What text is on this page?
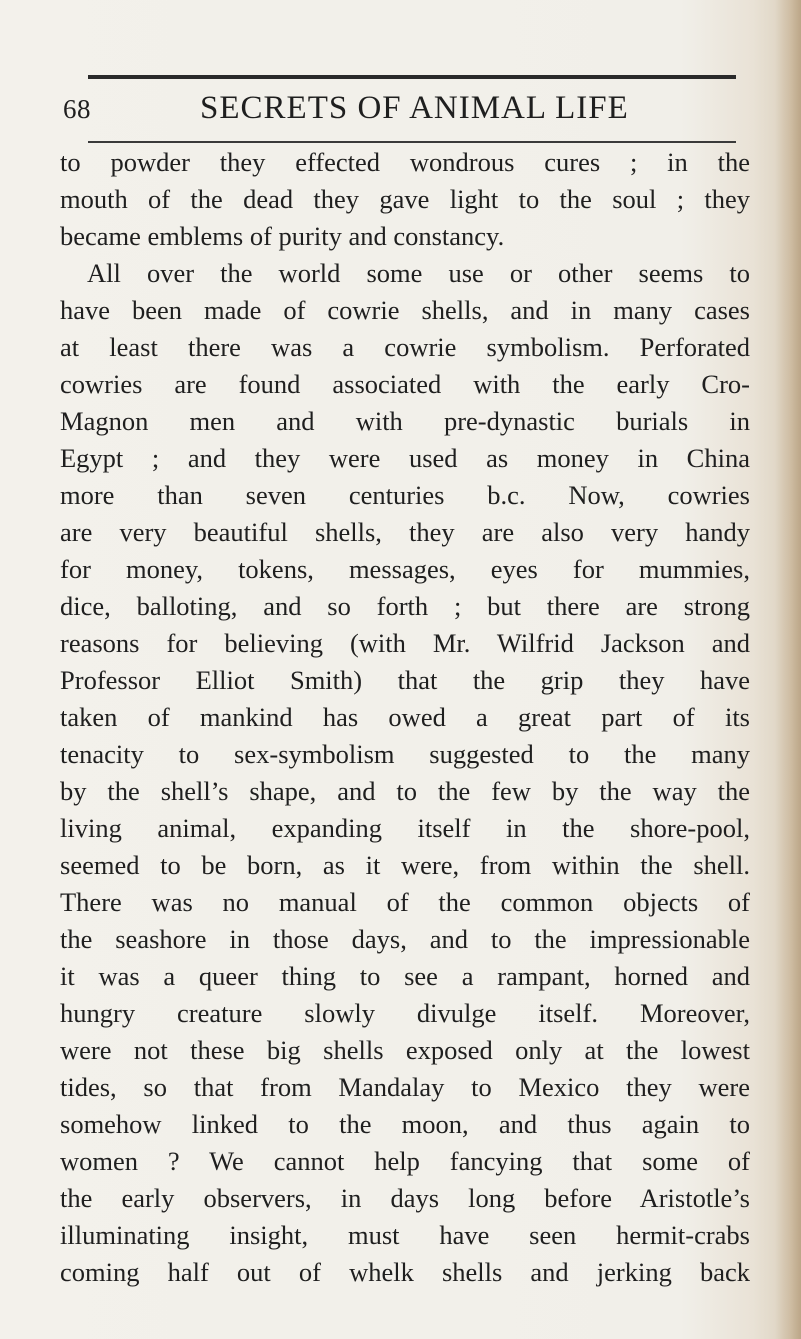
68	SECRETS OF ANIMAL LIFE
to powder they effected wondrous cures ; in the
mouth of the dead they gave light to the soul ; they
became emblems of purity and constancy.
All over the world some use or other seems to
have been made of cowrie shells, and in many cases
at least there was a cowrie symbolism. Perforated
cowries are found associated with the early Cro-
Magnon men and with pre-dynastic burials in
Egypt ; and they were used as money in China
more than seven centuries b.c. Now, cowries
are very beautiful shells, they are also very handy
for money, tokens, messages, eyes for mummies,
dice, balloting, and so forth ; but there are strong
reasons for believing (with Mr. Wilfrid Jackson and
Professor Elliot Smith) that the grip they have
taken of mankind has owed a great part of its
tenacity to sex-symbolism suggested to the many
by the shell’s shape, and to the few by the way the
living animal, expanding itself in the shore-pool,
seemed to be born, as it were, from within the shell.
There was no manual of the common objects of
the seashore in those days, and to the impressionable
it was a queer thing to see a rampant, horned and
hungry creature slowly divulge itself. Moreover,
were not these big shells exposed only at the lowest
tides, so that from Mandalay to Mexico they were
somehow linked to the moon, and thus again to
women ? We cannot help fancying that some of
the early observers, in days long before Aristotle’s
illuminating insight, must have seen hermit-crabs
coming half out of whelk shells and jerking back
